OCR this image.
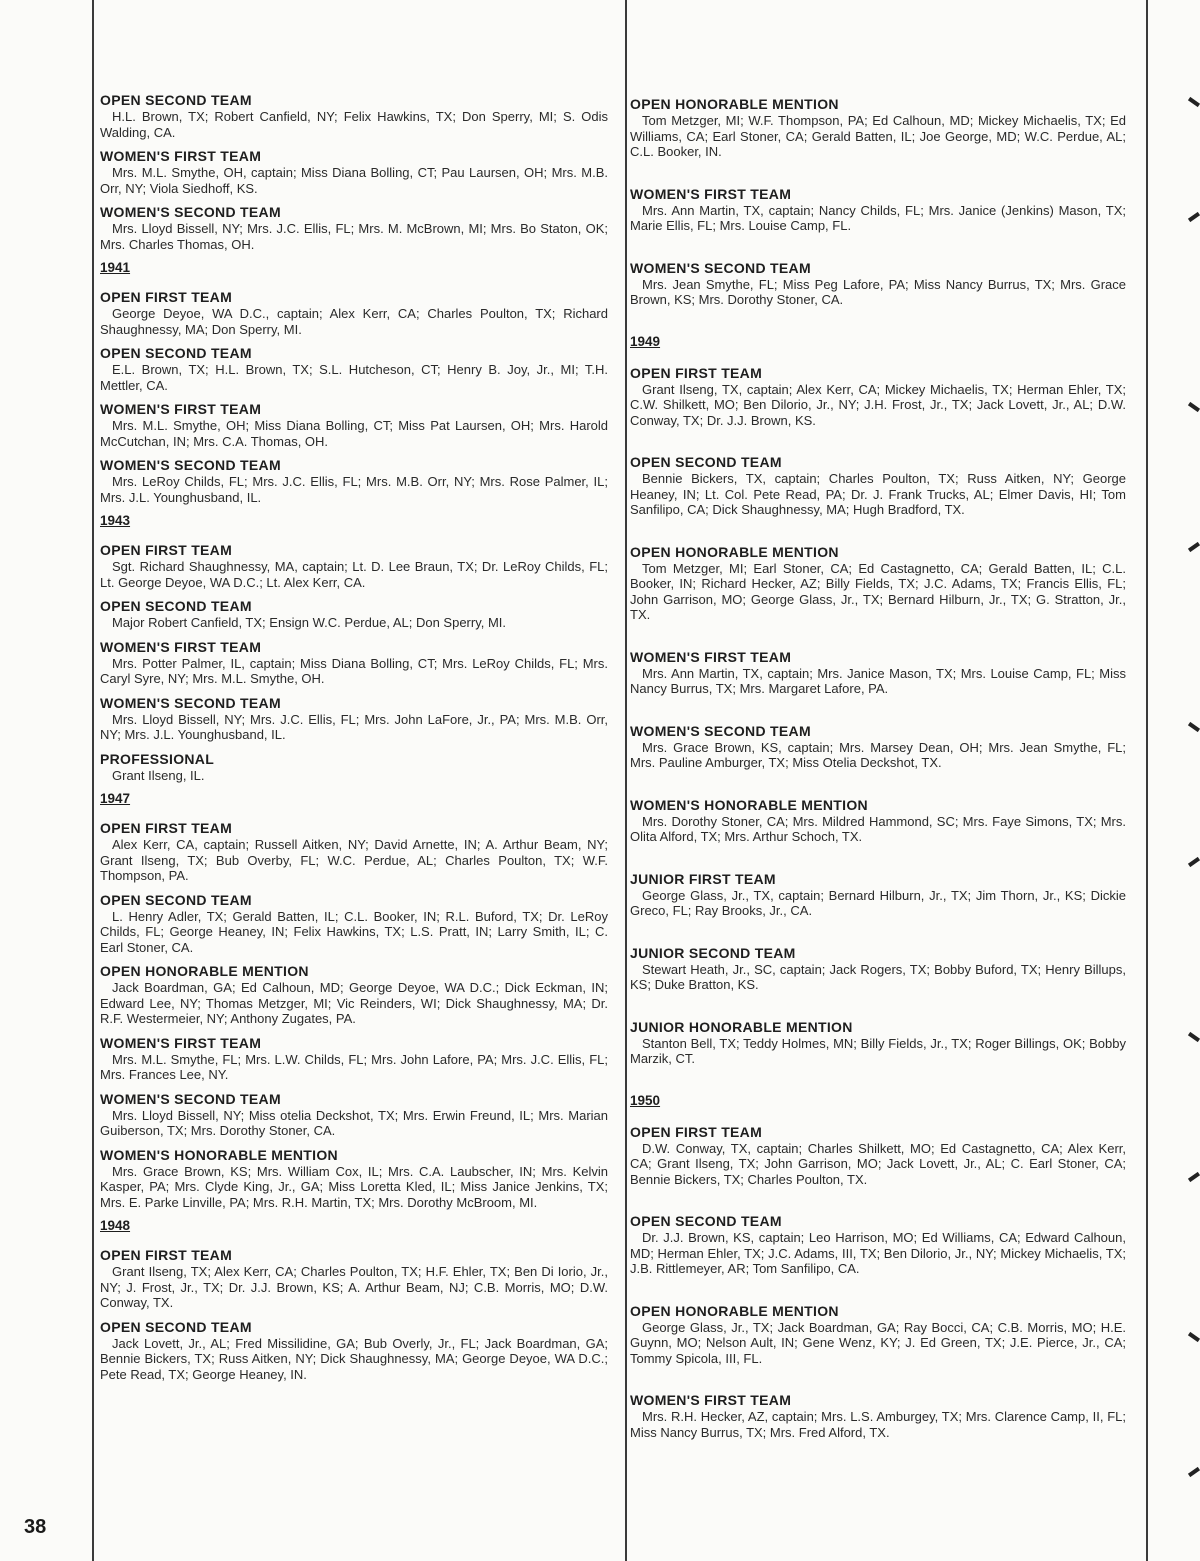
OPEN SECOND TEAM
H.L. Brown, TX; Robert Canfield, NY; Felix Hawkins, TX; Don Sperry, MI; S. Odis Walding, CA.
WOMEN'S FIRST TEAM
Mrs. M.L. Smythe, OH, captain; Miss Diana Bolling, CT; Pau Laursen, OH; Mrs. M.B. Orr, NY; Viola Siedhoff, KS.
WOMEN'S SECOND TEAM
Mrs. Lloyd Bissell, NY; Mrs. J.C. Ellis, FL; Mrs. M. McBrown, MI; Mrs. Bo Staton, OK; Mrs. Charles Thomas, OH.
1941
OPEN FIRST TEAM
George Deyoe, WA D.C., captain; Alex Kerr, CA; Charles Poulton, TX; Richard Shaughnessy, MA; Don Sperry, MI.
OPEN SECOND TEAM
E.L. Brown, TX; H.L. Brown, TX; S.L. Hutcheson, CT; Henry B. Joy, Jr., MI; T.H. Mettler, CA.
WOMEN'S FIRST TEAM
Mrs. M.L. Smythe, OH; Miss Diana Bolling, CT; Miss Pat Laursen, OH; Mrs. Harold McCutchan, IN; Mrs. C.A. Thomas, OH.
WOMEN'S SECOND TEAM
Mrs. LeRoy Childs, FL; Mrs. J.C. Ellis, FL; Mrs. M.B. Orr, NY; Mrs. Rose Palmer, IL; Mrs. J.L. Younghusband, IL.
1943
OPEN FIRST TEAM
Sgt. Richard Shaughnessy, MA, captain; Lt. D. Lee Braun, TX; Dr. LeRoy Childs, FL; Lt. George Deyoe, WA D.C.; Lt. Alex Kerr, CA.
OPEN SECOND TEAM
Major Robert Canfield, TX; Ensign W.C. Perdue, AL; Don Sperry, MI.
WOMEN'S FIRST TEAM
Mrs. Potter Palmer, IL, captain; Miss Diana Bolling, CT; Mrs. LeRoy Childs, FL; Mrs. Caryl Syre, NY; Mrs. M.L. Smythe, OH.
WOMEN'S SECOND TEAM
Mrs. Lloyd Bissell, NY; Mrs. J.C. Ellis, FL; Mrs. John LaFore, Jr., PA; Mrs. M.B. Orr, NY; Mrs. J.L. Younghusband, IL.
PROFESSIONAL
Grant Ilseng, IL.
1947
OPEN FIRST TEAM
Alex Kerr, CA, captain; Russell Aitken, NY; David Arnette, IN; A. Arthur Beam, NY; Grant Ilseng, TX; Bub Overby, FL; W.C. Perdue, AL; Charles Poulton, TX; W.F. Thompson, PA.
OPEN SECOND TEAM
L. Henry Adler, TX; Gerald Batten, IL; C.L. Booker, IN; R.L. Buford, TX; Dr. LeRoy Childs, FL; George Heaney, IN; Felix Hawkins, TX; L.S. Pratt, IN; Larry Smith, IL; C. Earl Stoner, CA.
OPEN HONORABLE MENTION
Jack Boardman, GA; Ed Calhoun, MD; George Deyoe, WA D.C.; Dick Eckman, IN; Edward Lee, NY; Thomas Metzger, MI; Vic Reinders, WI; Dick Shaughnessy, MA; Dr. R.F. Westermeier, NY; Anthony Zugates, PA.
WOMEN'S FIRST TEAM
Mrs. M.L. Smythe, FL; Mrs. L.W. Childs, FL; Mrs. John Lafore, PA; Mrs. J.C. Ellis, FL; Mrs. Frances Lee, NY.
WOMEN'S SECOND TEAM
Mrs. Lloyd Bissell, NY; Miss otelia Deckshot, TX; Mrs. Erwin Freund, IL; Mrs. Marian Guiberson, TX; Mrs. Dorothy Stoner, CA.
WOMEN'S HONORABLE MENTION
Mrs. Grace Brown, KS; Mrs. William Cox, IL; Mrs. C.A. Laubscher, IN; Mrs. Kelvin Kasper, PA; Mrs. Clyde King, Jr., GA; Miss Loretta Kled, IL; Miss Janice Jenkins, TX; Mrs. E. Parke Linville, PA; Mrs. R.H. Martin, TX; Mrs. Dorothy McBroom, MI.
1948
OPEN FIRST TEAM
Grant Ilseng, TX; Alex Kerr, CA; Charles Poulton, TX; H.F. Ehler, TX; Ben Di Iorio, Jr., NY; J. Frost, Jr., TX; Dr. J.J. Brown, KS; A. Arthur Beam, NJ; C.B. Morris, MO; D.W. Conway, TX.
OPEN SECOND TEAM
Jack Lovett, Jr., AL; Fred Missilidine, GA; Bub Overly, Jr., FL; Jack Boardman, GA; Bennie Bickers, TX; Russ Aitken, NY; Dick Shaughnessy, MA; George Deyoe, WA D.C.; Pete Read, TX; George Heaney, IN.
OPEN HONORABLE MENTION
Tom Metzger, MI; W.F. Thompson, PA; Ed Calhoun, MD; Mickey Michaelis, TX; Ed Williams, CA; Earl Stoner, CA; Gerald Batten, IL; Joe George, MD; W.C. Perdue, AL; C.L. Booker, IN.
WOMEN'S FIRST TEAM
Mrs. Ann Martin, TX, captain; Nancy Childs, FL; Mrs. Janice (Jenkins) Mason, TX; Marie Ellis, FL; Mrs. Louise Camp, FL.
WOMEN'S SECOND TEAM
Mrs. Jean Smythe, FL; Miss Peg Lafore, PA; Miss Nancy Burrus, TX; Mrs. Grace Brown, KS; Mrs. Dorothy Stoner, CA.
1949
OPEN FIRST TEAM
Grant Ilseng, TX, captain; Alex Kerr, CA; Mickey Michaelis, TX; Herman Ehler, TX; C.W. Shilkett, MO; Ben Dilorio, Jr., NY; J.H. Frost, Jr., TX; Jack Lovett, Jr., AL; D.W. Conway, TX; Dr. J.J. Brown, KS.
OPEN SECOND TEAM
Bennie Bickers, TX, captain; Charles Poulton, TX; Russ Aitken, NY; George Heaney, IN; Lt. Col. Pete Read, PA; Dr. J. Frank Trucks, AL; Elmer Davis, HI; Tom Sanfilipo, CA; Dick Shaughnessy, MA; Hugh Bradford, TX.
OPEN HONORABLE MENTION
Tom Metzger, MI; Earl Stoner, CA; Ed Castagnetto, CA; Gerald Batten, IL; C.L. Booker, IN; Richard Hecker, AZ; Billy Fields, TX; J.C. Adams, TX; Francis Ellis, FL; John Garrison, MO; George Glass, Jr., TX; Bernard Hilburn, Jr., TX; G. Stratton, Jr., TX.
WOMEN'S FIRST TEAM
Mrs. Ann Martin, TX, captain; Mrs. Janice Mason, TX; Mrs. Louise Camp, FL; Miss Nancy Burrus, TX; Mrs. Margaret Lafore, PA.
WOMEN'S SECOND TEAM
Mrs. Grace Brown, KS, captain; Mrs. Marsey Dean, OH; Mrs. Jean Smythe, FL; Mrs. Pauline Amburger, TX; Miss Otelia Deckshot, TX.
WOMEN'S HONORABLE MENTION
Mrs. Dorothy Stoner, CA; Mrs. Mildred Hammond, SC; Mrs. Faye Simons, TX; Mrs. Olita Alford, TX; Mrs. Arthur Schoch, TX.
JUNIOR FIRST TEAM
George Glass, Jr., TX, captain; Bernard Hilburn, Jr., TX; Jim Thorn, Jr., KS; Dickie Greco, FL; Ray Brooks, Jr., CA.
JUNIOR SECOND TEAM
Stewart Heath, Jr., SC, captain; Jack Rogers, TX; Bobby Buford, TX; Henry Billups, KS; Duke Bratton, KS.
JUNIOR HONORABLE MENTION
Stanton Bell, TX; Teddy Holmes, MN; Billy Fields, Jr., TX; Roger Billings, OK; Bobby Marzik, CT.
1950
OPEN FIRST TEAM
D.W. Conway, TX, captain; Charles Shilkett, MO; Ed Castagnetto, CA; Alex Kerr, CA; Grant Ilseng, TX; John Garrison, MO; Jack Lovett, Jr., AL; C. Earl Stoner, CA; Bennie Bickers, TX; Charles Poulton, TX.
OPEN SECOND TEAM
Dr. J.J. Brown, KS, captain; Leo Harrison, MO; Ed Williams, CA; Edward Calhoun, MD; Herman Ehler, TX; J.C. Adams, III, TX; Ben Dilorio, Jr., NY; Mickey Michaelis, TX; J.B. Rittlemeyer, AR; Tom Sanfilipo, CA.
OPEN HONORABLE MENTION
George Glass, Jr., TX; Jack Boardman, GA; Ray Bocci, CA; C.B. Morris, MO; H.E. Guynn, MO; Nelson Ault, IN; Gene Wenz, KY; J. Ed Green, TX; J.E. Pierce, Jr., CA; Tommy Spicola, III, FL.
WOMEN'S FIRST TEAM
Mrs. R.H. Hecker, AZ, captain; Mrs. L.S. Amburgey, TX; Mrs. Clarence Camp, II, FL; Miss Nancy Burrus, TX; Mrs. Fred Alford, TX.
38
